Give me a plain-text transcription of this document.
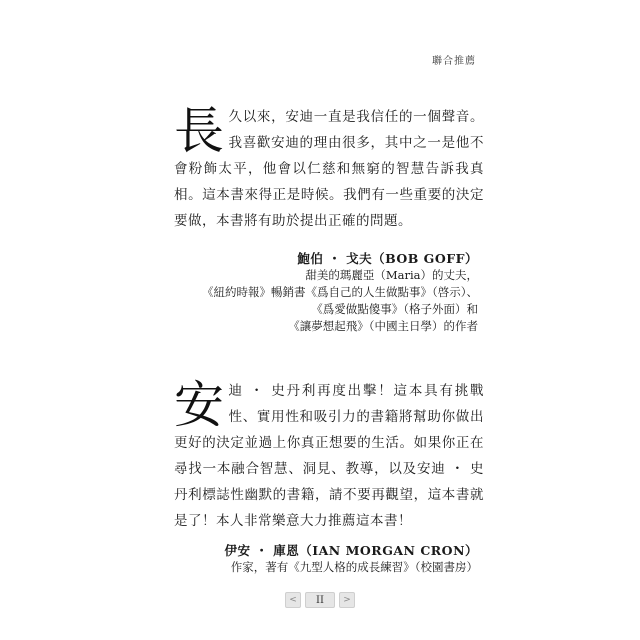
聯合推薦
長 久以來，安迪一直是我信任的一個聲音。我喜歡安迪的理由很多，其中之一是他不會粉飾太平，他會以仁慈和無窮的智慧告訴我真相。這本書來得正是時候。我們有一些重要的決定要做，本書將有助於提出正確的問題。
鮑伯 ・ 戈夫（BOB GOFF）
甜美的瑪麗亞（Maria）的丈夫，
《紐約時報》暢銷書《爲自己的人生做點事》（啓示）、
《爲愛做點傻事》（格子外面）和
《讓夢想起飛》（中國主日學）的作者
安 迪 ・ 史丹利再度出擊！這本具有挑戰性、實用性和吸引力的書籍將幫助你做出更好的決定並過上你真正想要的生活。如果你正在尋找一本融合智慧、洞見、教導，以及安迪 ・ 史丹利標誌性幽默的書籍，請不要再觀望，這本書就是了！本人非常樂意大力推薦這本書！
伊安 ・ 庫恩（IAN MORGAN CRON）
作家，著有《九型人格的成長練習》（校園書房）
<	II	>
